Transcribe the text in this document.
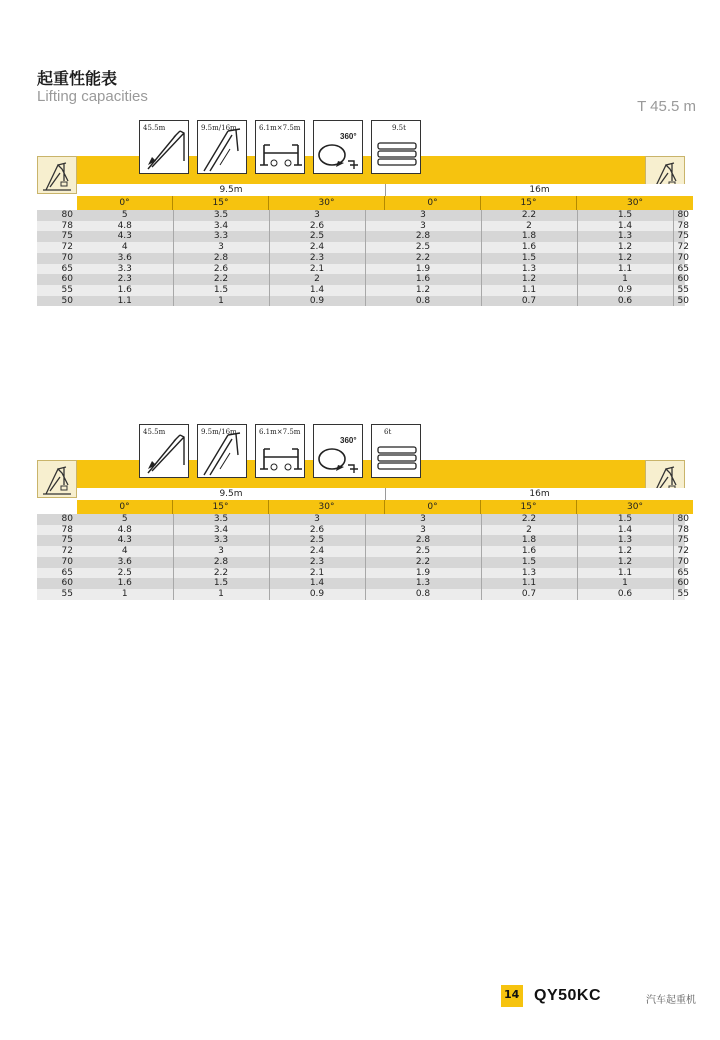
起重性能表
Lifting capacities
T 45.5 m
45.5m	9.5m/16m	6.1m×7.5m
360°
9.5t
9.5m	16m
0°	15°	30°	0°	15°	30°
80	5	3.5	3	3	2.2	1.5	80
78	4.8	3.4	2.6	3	2	1.4	78
75	4.3	3.3	2.5	2.8	1.8	1.3	75
72	4	3	2.4	2.5	1.6	1.2	72
70	3.6	2.8	2.3	2.2	1.5	1.2	70
65	3.3	2.6	2.1	1.9	1.3	1.1	65
60	2.3	2.2	2	1.6	1.2	1	60
55	1.6	1.5	1.4	1.2	1.1	0.9	55
50	1.1	1	0.9	0.8	0.7	0.6	50
45.5m	9.5m/16m	6.1m×7.5m
360°
6t
9.5m	16m
0°	15°	30°	0°	15°	30°
80	5	3.5	3	3	2.2	1.5	80
78	4.8	3.4	2.6	3	2	1.4	78
75	4.3	3.3	2.5	2.8	1.8	1.3	75
72	4	3	2.4	2.5	1.6	1.2	72
70	3.6	2.8	2.3	2.2	1.5	1.2	70
65	2.5	2.2	2.1	1.9	1.3	1.1	65
60	1.6	1.5	1.4	1.3	1.1	1	60
55	1	1	0.9	0.8	0.7	0.6	55
14 QY50KC	汽车起重机
